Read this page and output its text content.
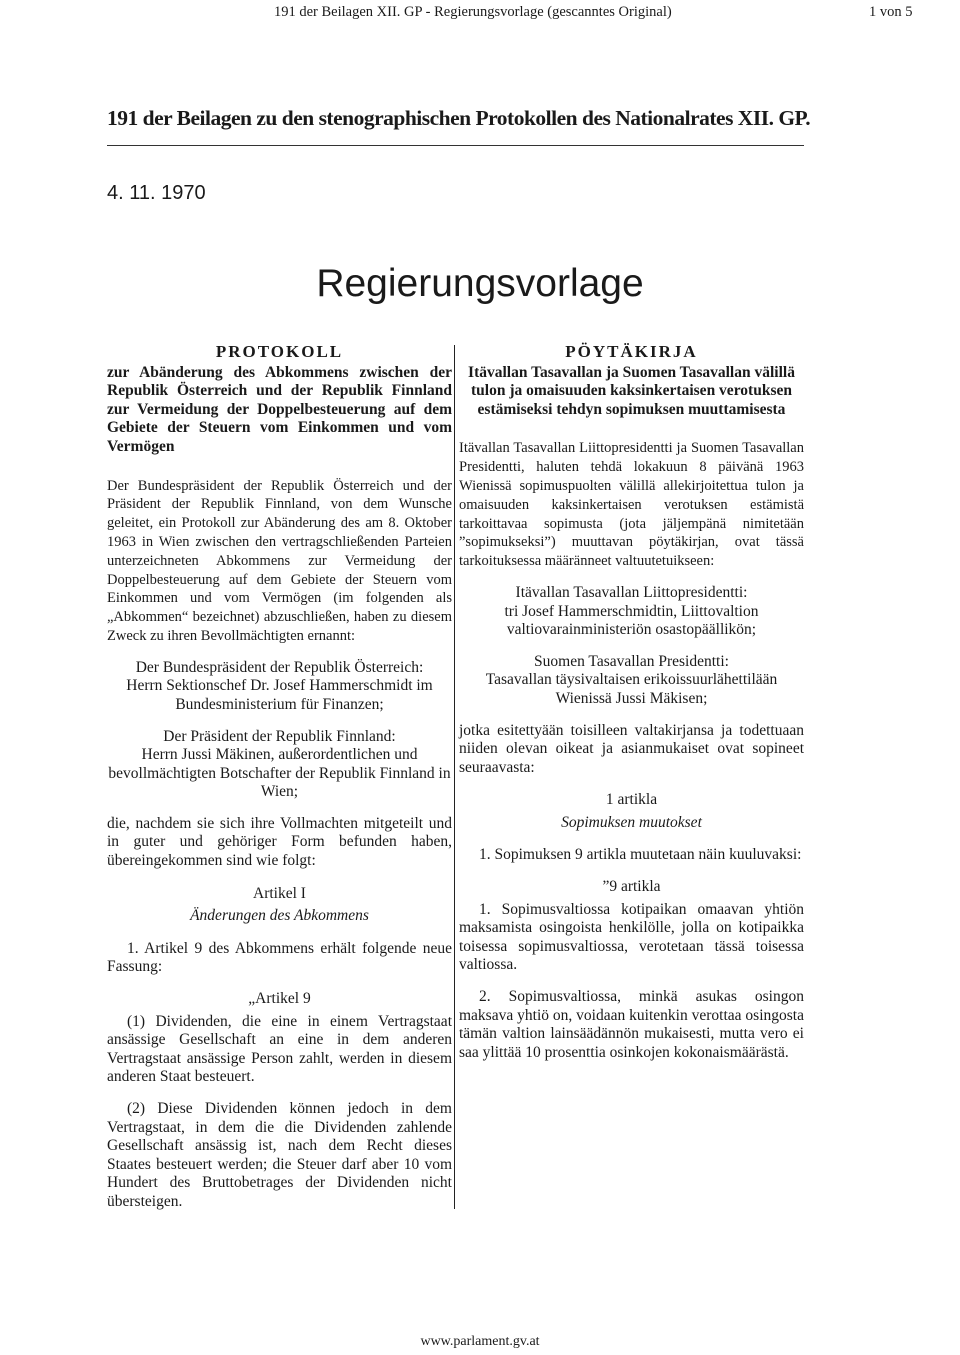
191 der Beilagen XII. GP - Regierungsvorlage (gescanntes Original)	1 von 5
191 der Beilagen zu den stenographischen Protokollen des Nationalrates XII. GP.
4. 11. 1970
Regierungsvorlage
PROTOKOLL
zur Abänderung des Abkommens zwischen der Republik Österreich und der Republik Finnland zur Vermeidung der Doppelbesteuerung auf dem Gebiete der Steuern vom Einkommen und vom Vermögen

Der Bundespräsident der Republik Österreich und der Präsident der Republik Finnland, von dem Wunsche geleitet, ein Protokoll zur Abänderung des am 8. Oktober 1963 in Wien zwischen den vertragschließenden Parteien unterzeichneten Abkommens zur Vermeidung der Doppelbesteuerung auf dem Gebiete der Steuern vom Einkommen und vom Vermögen (im folgenden als „Abkommen“ bezeichnet) abzuschließen, haben zu diesem Zweck zu ihren Bevollmächtigten ernannt:

Der Bundespräsident der Republik Österreich:

Herrn Sektionschef Dr. Josef Hammerschmidt im Bundesministerium für Finanzen;

Der Präsident der Republik Finnland:

Herrn Jussi Mäkinen, außerordentlichen und bevollmächtigten Botschafter der Republik Finnland in Wien;

die, nachdem sie sich ihre Vollmachten mitgeteilt und in guter und gehöriger Form befunden haben, übereingekommen sind wie folgt:

Artikel I
Änderungen des Abkommens

1. Artikel 9 des Abkommens erhält folgende neue Fassung:

„Artikel 9

(1) Dividenden, die eine in einem Vertragstaat ansässige Gesellschaft an eine in dem anderen Vertragstaat ansässige Person zahlt, werden in diesem anderen Staat besteuert.

(2) Diese Dividenden können jedoch in dem Vertragstaat, in dem die die Dividenden zahlende Gesellschaft ansässig ist, nach dem Recht dieses Staates besteuert werden; die Steuer darf aber 10 vom Hundert des Bruttobetrages der Dividenden nicht übersteigen.

PÖYTÄKIRJA
Itävallan Tasavallan ja Suomen Tasavallan välillä tulon ja omaisuuden kaksinkertaisen verotuksen estämiseksi tehdyn sopimuksen muuttamisesta

Itävallan Tasavallan Liittopresidentti ja Suomen Tasavallan Presidentti, haluten tehdä lokakuun 8 päivänä 1963 Wienissä sopimuspuolten välillä allekirjoitettua tulon ja omaisuuden kaksinkertaisen verotuksen estämistä tarkoittavaa sopimusta (jota jäljempänä nimitetään ”sopimukseksi”) muuttavan pöytäkirjan, ovat tässä tarkoituksessa määränneet valtuutetuikseen:

Itävallan Tasavallan Liittopresidentti:

tri Josef Hammerschmidtin, Liittovaltion valtiovarainministeriön osastopäällikön;

Suomen Tasavallan Presidentti:

Tasavallan täysivaltaisen erikoissuurlähettilään Wienissä Jussi Mäkisen;

jotka esitettyään toisilleen valtakirjansa ja todettuaan niiden olevan oikeat ja asianmukaiset ovat sopineet seuraavasta:

1 artikla
Sopimuksen muutokset

1. Sopimuksen 9 artikla muutetaan näin kuuluvaksi:

”9 artikla

1. Sopimusvaltiossa kotipaikan omaavan yhtiön maksamista osingoista henkilölle, jolla on kotipaikka toisessa sopimusvaltiossa, verotetaan tässä toisessa valtiossa.

2. Sopimusvaltiossa, minkä asukas osingon maksava yhtiö on, voidaan kuitenkin verottaa osingosta tämän valtion lainsäädännön mukaisesti, mutta vero ei saa ylittää 10 prosenttia osinkojen kokonaismäärästä.

www.parlament.gv.at
